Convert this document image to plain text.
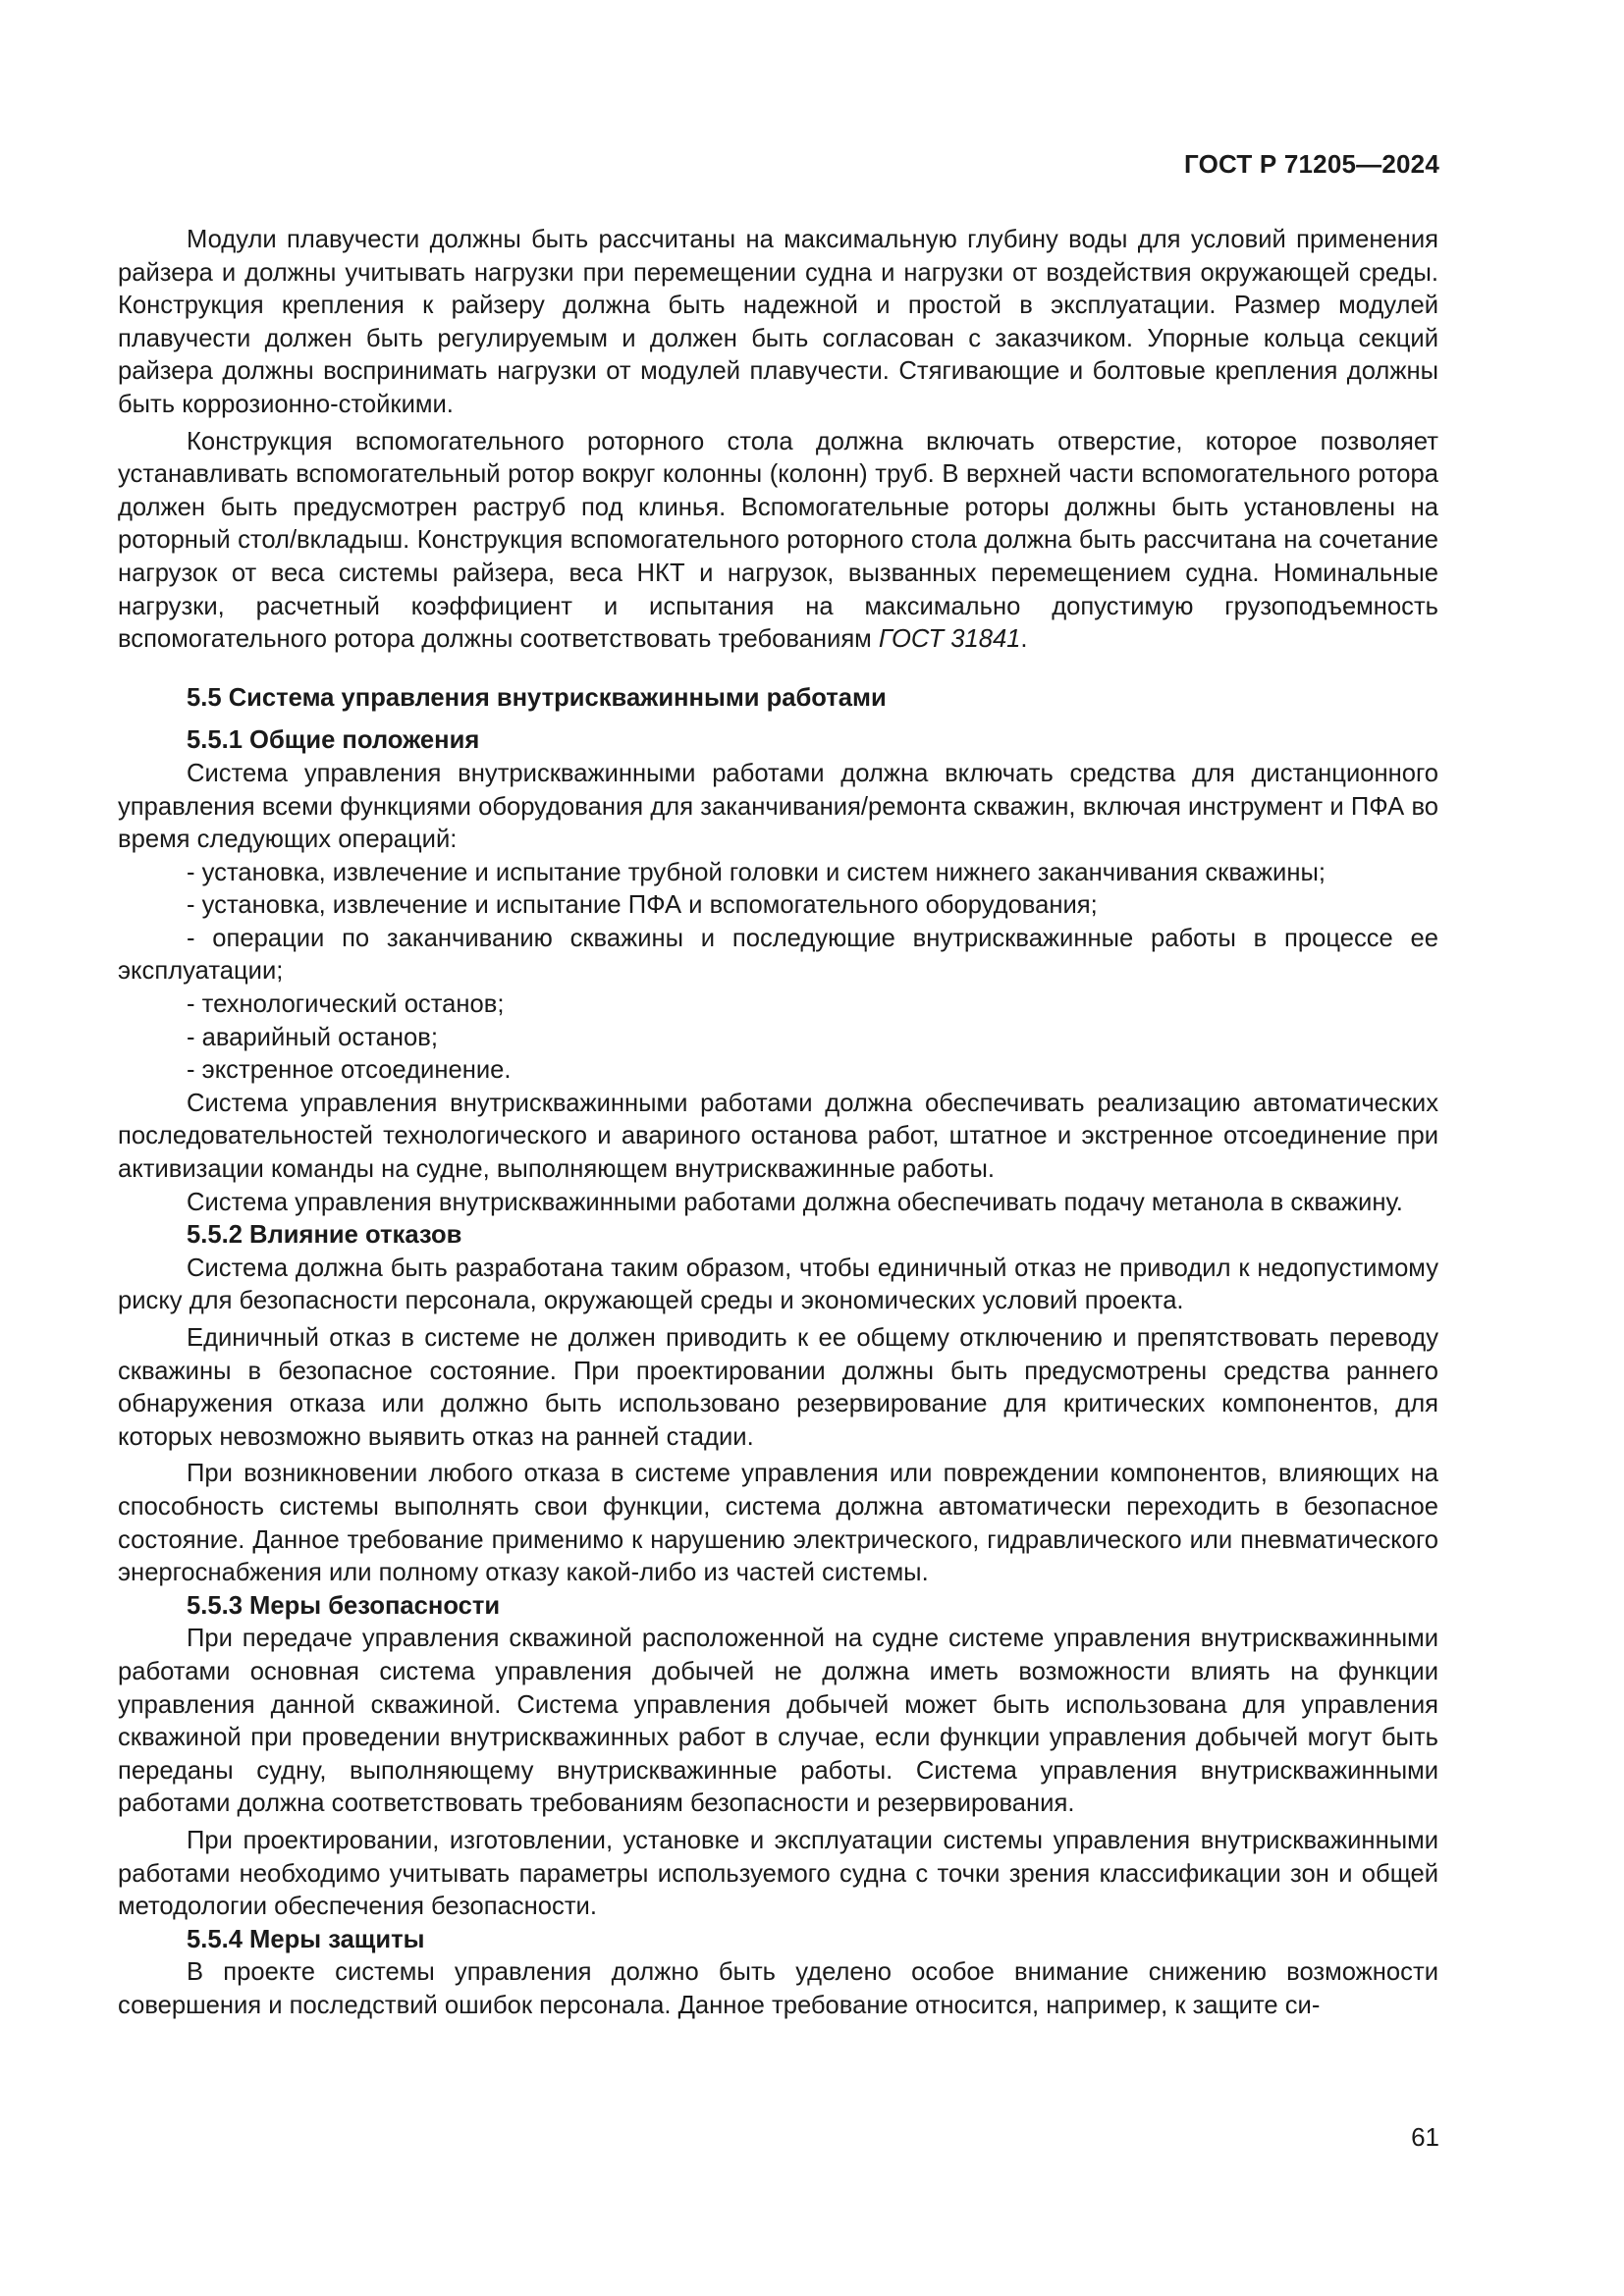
ГОСТ Р 71205—2024

Модули плавучести должны быть рассчитаны на максимальную глубину воды для условий применения райзера и должны учитывать нагрузки при перемещении судна и нагрузки от воздействия окружающей среды. Конструкция крепления к райзеру должна быть надежной и простой в эксплуатации. Размер модулей плавучести должен быть регулируемым и должен быть согласован с заказчиком. Упорные кольца секций райзера должны воспринимать нагрузки от модулей плавучести. Стягивающие и болтовые крепления должны быть коррозионно-стойкими.

Конструкция вспомогательного роторного стола должна включать отверстие, которое позволяет устанавливать вспомогательный ротор вокруг колонны (колонн) труб. В верхней части вспомогательного ротора должен быть предусмотрен раструб под клинья. Вспомогательные роторы должны быть установлены на роторный стол/вкладыш. Конструкция вспомогательного роторного стола должна быть рассчитана на сочетание нагрузок от веса системы райзера, веса НКТ и нагрузок, вызванных перемещением судна. Номинальные нагрузки, расчетный коэффициент и испытания на максимально допустимую грузоподъемность вспомогательного ротора должны соответствовать требованиям ГОСТ 31841.

5.5 Система управления внутрискважинными работами
5.5.1 Общие положения

Система управления внутрискважинными работами должна включать средства для дистанционного управления всеми функциями оборудования для заканчивания/ремонта скважин, включая инструмент и ПФА во время следующих операций:

- установка, извлечение и испытание трубной головки и систем нижнего заканчивания скважины;
- установка, извлечение и испытание ПФА и вспомогательного оборудования;
- операции по заканчиванию скважины и последующие внутрискважинные работы в процессе ее эксплуатации;
- технологический останов;
- аварийный останов;
- экстренное отсоединение.

Система управления внутрискважинными работами должна обеспечивать реализацию автоматических последовательностей технологического и авариного останова работ, штатное и экстренное отсоединение при активизации команды на судне, выполняющем внутрискважинные работы.

Система управления внутрискважинными работами должна обеспечивать подачу метанола в скважину.

5.5.2 Влияние отказов

Система должна быть разработана таким образом, чтобы единичный отказ не приводил к недопустимому риску для безопасности персонала, окружающей среды и экономических условий проекта.

Единичный отказ в системе не должен приводить к ее общему отключению и препятствовать переводу скважины в безопасное состояние. При проектировании должны быть предусмотрены средства раннего обнаружения отказа или должно быть использовано резервирование для критических компонентов, для которых невозможно выявить отказ на ранней стадии.

При возникновении любого отказа в системе управления или повреждении компонентов, влияющих на способность системы выполнять свои функции, система должна автоматически переходить в безопасное состояние. Данное требование применимо к нарушению электрического, гидравлического или пневматического энергоснабжения или полному отказу какой-либо из частей системы.

5.5.3 Меры безопасности

При передаче управления скважиной расположенной на судне системе управления внутрискважинными работами основная система управления добычей не должна иметь возможности влиять на функции управления данной скважиной. Система управления добычей может быть использована для управления скважиной при проведении внутрискважинных работ в случае, если функции управления добычей могут быть переданы судну, выполняющему внутрискважинные работы. Система управления внутрискважинными работами должна соответствовать требованиям безопасности и резервирования.

При проектировании, изготовлении, установке и эксплуатации системы управления внутрискважинными работами необходимо учитывать параметры используемого судна с точки зрения классификации зон и общей методологии обеспечения безопасности.

5.5.4 Меры защиты

В проекте системы управления должно быть уделено особое внимание снижению возможности совершения и последствий ошибок персонала. Данное требование относится, например, к защите си-

61
